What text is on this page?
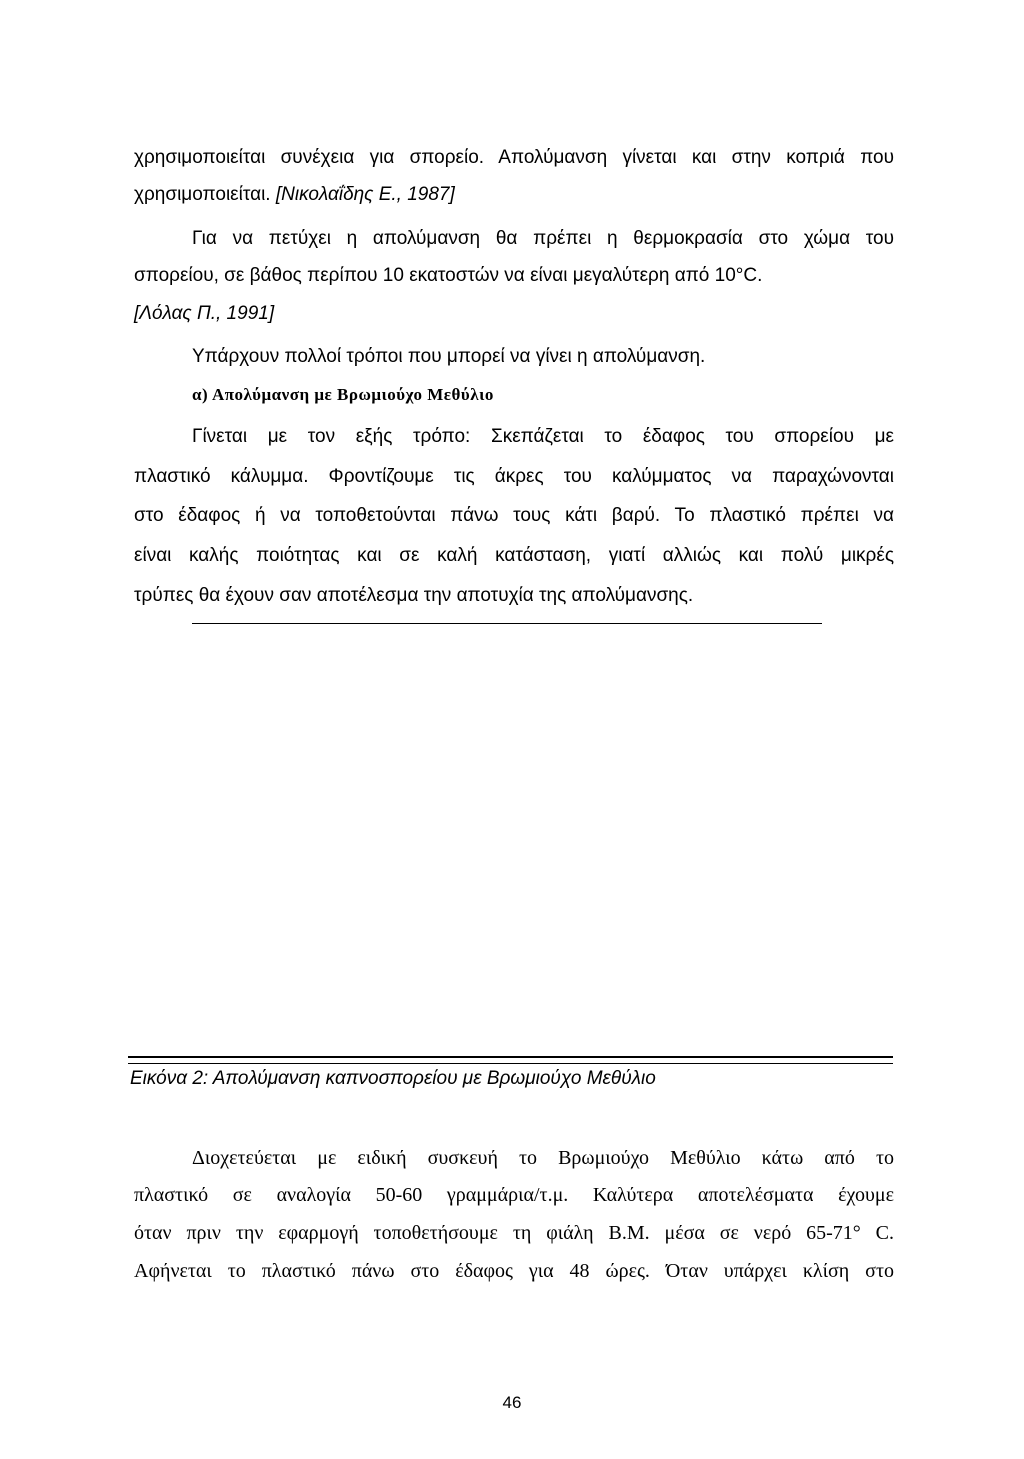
χρησιμοποιείται συνέχεια για σπορείο. Απολύμανση γίνεται και στην κοπριά που
χρησιμοποιείται. [Νικολαΐδης Ε., 1987]
Για να πετύχει η απολύμανση θα πρέπει η θερμοκρασία στο χώμα του
σπορείου, σε βάθος περίπου 10 εκατοστών να είναι μεγαλύτερη από 10°C.
[Λόλας Π., 1991]
Υπάρχουν πολλοί τρόποι που μπορεί να γίνει η απολύμανση.
α) Απολύμανση με Βρωμιούχο Μεθύλιο
Γίνεται με τον εξής τρόπο: Σκεπάζεται το έδαφος του σπορείου με
πλαστικό κάλυμμα. Φροντίζουμε τις άκρες του καλύμματος να παραχώνονται
στο έδαφος ή να τοποθετούνται πάνω τους κάτι βαρύ. Το πλαστικό πρέπει να
είναι καλής ποιότητας και σε καλή κατάσταση, γιατί αλλιώς και πολύ μικρές
τρύπες θα έχουν σαν αποτέλεσμα την αποτυχία της απολύμανσης.
Εικόνα 2: Απολύμανση καπνοσπορείου με Βρωμιούχο Μεθύλιο
Διοχετεύεται με ειδική συσκευή το Βρωμιούχο Μεθύλιο κάτω από το
πλαστικό σε αναλογία 50-60 γραμμάρια/τ.μ. Καλύτερα αποτελέσματα έχουμε
όταν πριν την εφαρμογή τοποθετήσουμε τη φιάλη Β.Μ. μέσα σε νερό 65-71° C.
Αφήνεται το πλαστικό πάνω στο έδαφος για 48 ώρες. Όταν υπάρχει κλίση στο
46
